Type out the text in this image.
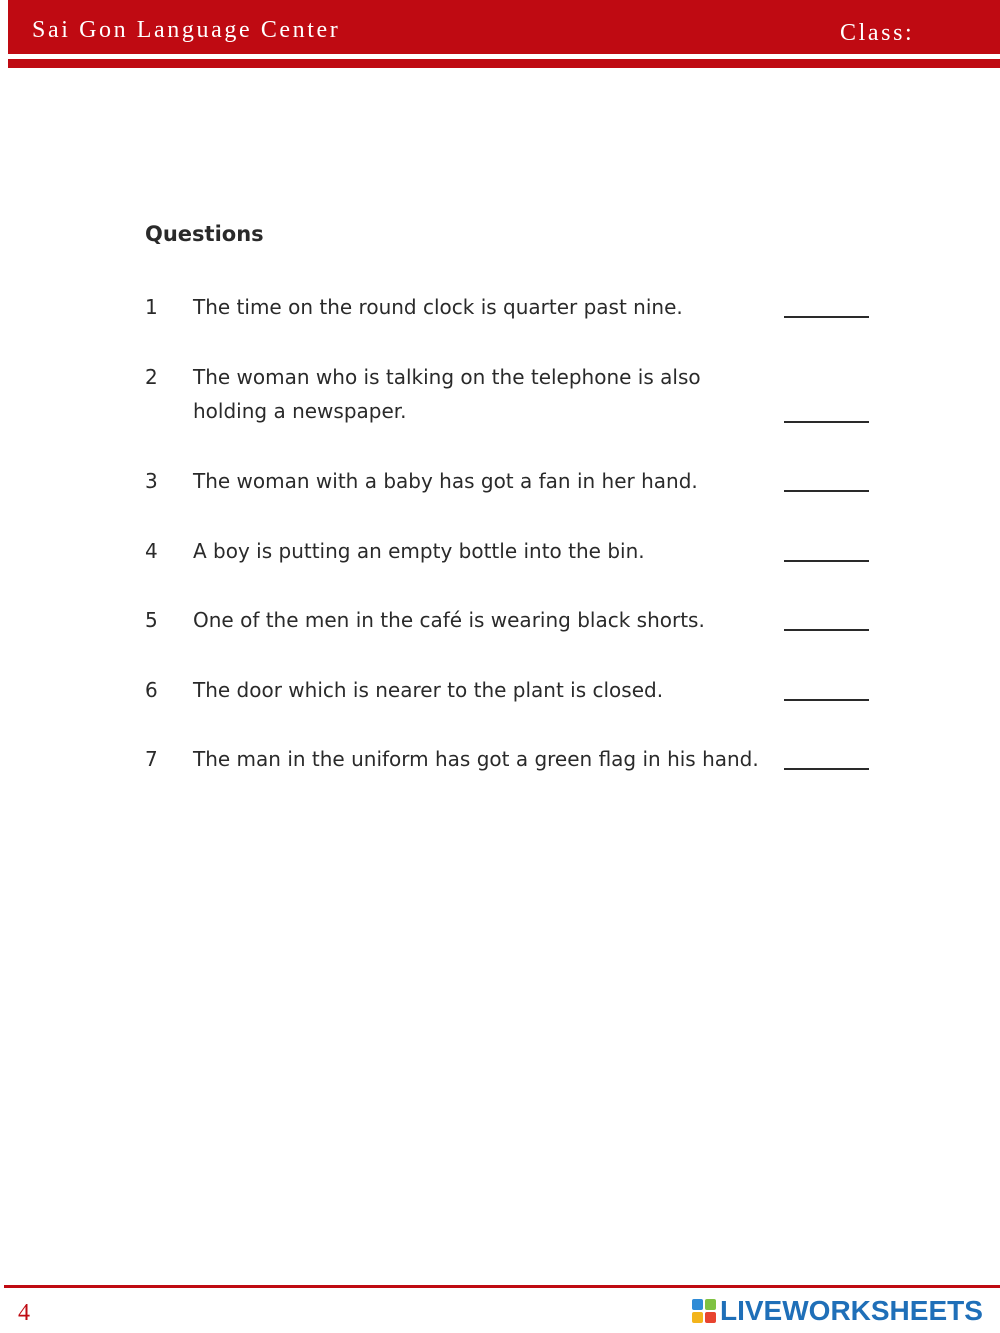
Sai Gon Language Center	Class:
Questions
1 The time on the round clock is quarter past nine.
2 The woman who is talking on the telephone is also holding a newspaper.
3 The woman with a baby has got a fan in her hand.
4 A boy is putting an empty bottle into the bin.
5 One of the men in the café is wearing black shorts.
6 The door which is nearer to the plant is closed.
7 The man in the uniform has got a green flag in his hand.
4	LIVEWORKSHEETS
